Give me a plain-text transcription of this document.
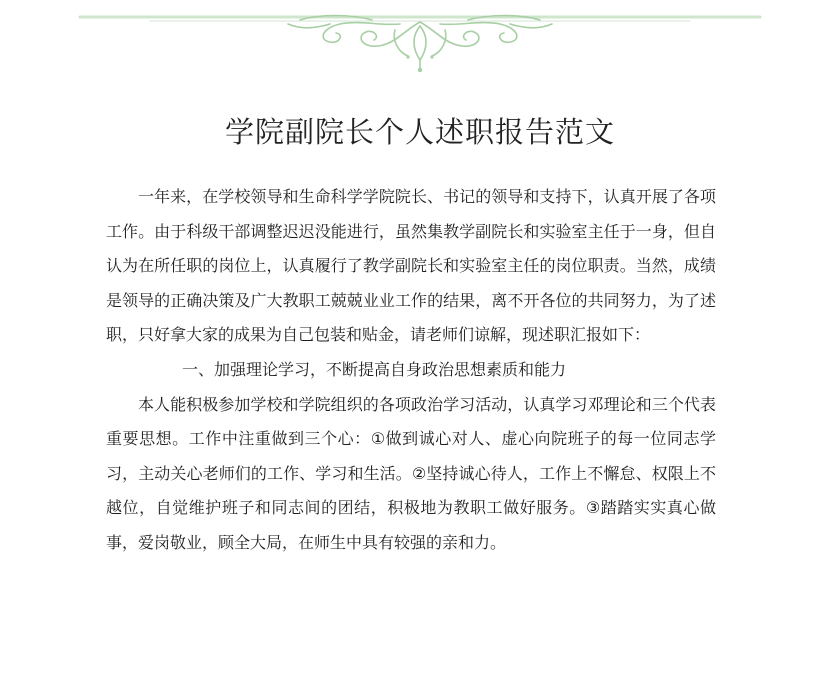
学院副院长个人述职报告范文

一年来，在学校领导和生命科学学院院长、书记的领导和支持下，认真开展了各项工作。由于科级干部调整迟迟没能进行，虽然集教学副院长和实验室主任于一身，但自认为在所任职的岗位上，认真履行了教学副院长和实验室主任的岗位职责。当然，成绩是领导的正确决策及广大教职工兢兢业业工作的结果，离不开各位的共同努力，为了述职，只好拿大家的成果为自己包装和贴金，请老师们谅解，现述职汇报如下：

一、加强理论学习，不断提高自身政治思想素质和能力

本人能积极参加学校和学院组织的各项政治学习活动，认真学习邓理论和三个代表重要思想。工作中注重做到三个心：①做到诚心对人、虚心向院班子的每一位同志学习，主动关心老师们的工作、学习和生活。②坚持诚心待人，工作上不懈怠、权限上不越位，自觉维护班子和同志间的团结，积极地为教职工做好服务。③踏踏实实真心做事，爱岗敬业，顾全大局，在师生中具有较强的亲和力。
